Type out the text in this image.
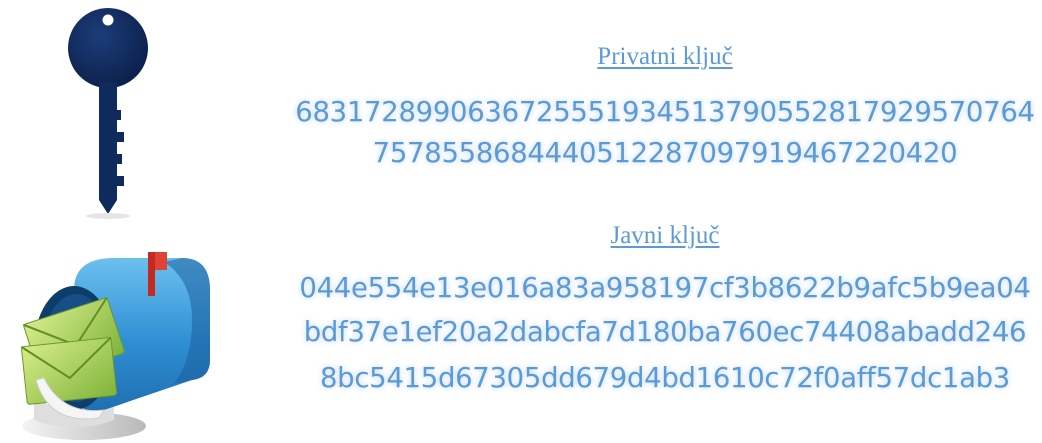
Privatni ključ

683172899063672555193451379055281792957076​4

7578558684440512287097919467220420

Javni ključ

044e554e13e016a83a958197cf3b8622b9afc5b9ea04

bdf37e1ef20a2dabcfa7d180ba760ec74408abadd246

8bc5415d67305dd679d4bd1610c72f0aff57dc1ab3
